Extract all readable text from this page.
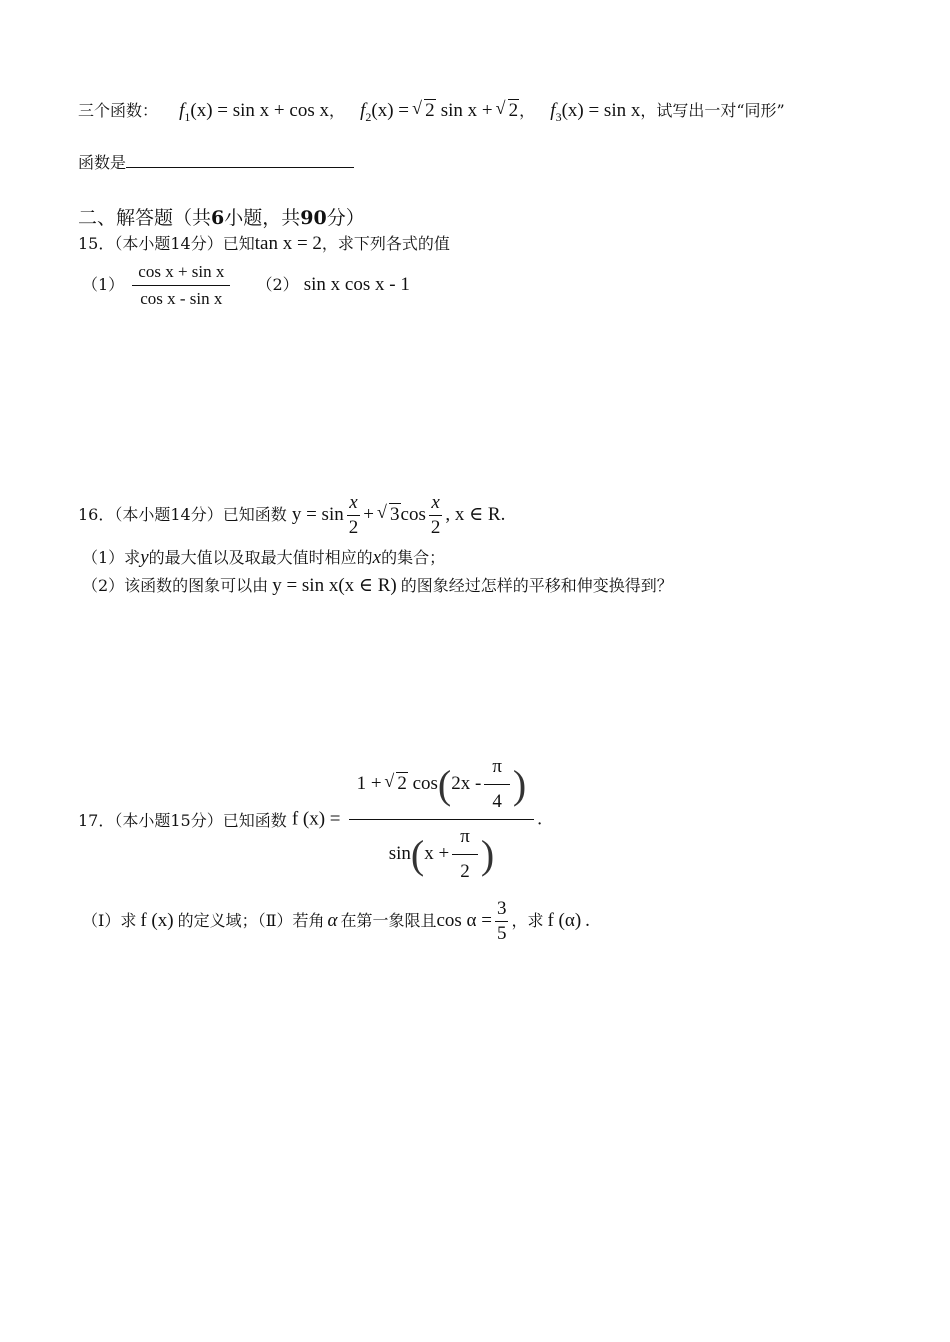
三个函数： $f_1(x) = \sin x + \cos x$， $f_2(x)$ = √ 2 sin x + √ 2， $f_3(x) = \sin x$，试写出一对“同形”
函数是
二、解答题（共6小题，共90分）
15．（本小题14分）已知tan x = 2，求下列各式的值
$(1) \frac{\text{cos x + sin x}}{\text{cos x - sin x}} (2)$ sin x cos x - 1
16．（本小题14分）已知函数 $y = \sin \frac{x}{2}$ + √ $3\cos \frac{x}{2}$ , x ∈ R.
（1）求y的最大值以及取最大值时相应的x的集合；
（2）该函数的图象可以由 y = sin x(x ∈ R) 的图象经过怎样的平移和伸变换得到？
17．（本小题15分）已知函数 f $(x) = \frac{1 + √ 2 \cos(2x - \frac{\pi}{4} )}{\sin(x + \frac{\pi}{2} )}$ .
（Ⅰ）求 f (x) 的定义域；（Ⅱ）若角 α 在第一象限且$\cos \alpha = \frac{3}{5}$ ，求 f (α) .
